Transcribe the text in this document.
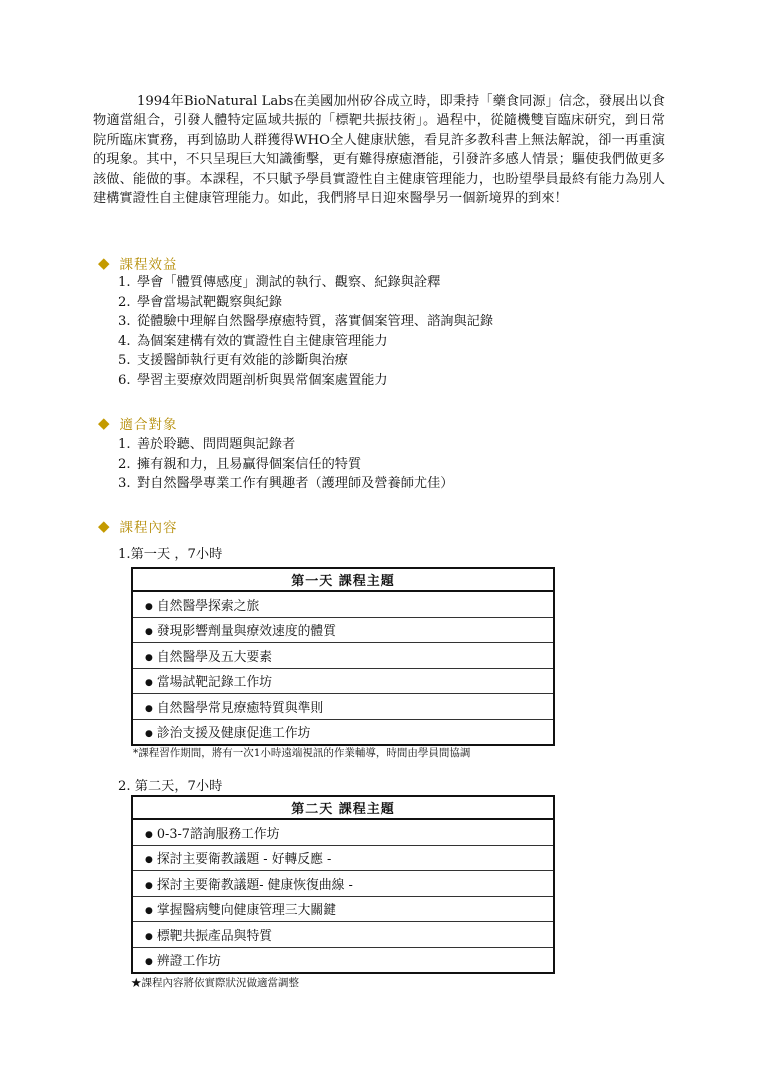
1994年BioNatural Labs在美國加州矽谷成立時，即秉持「藥食同源」信念，發展出以食物適當組合，引發人體特定區域共振的「標靶共振技術」。過程中，從隨機雙盲臨床研究，到日常院所臨床實務，再到協助人群獲得WHO全人健康狀態，看見許多教科書上無法解說，卻一再重演的現象。其中，不只呈現巨大知識衝擊，更有難得療癒潛能，引發許多感人情景；驅使我們做更多該做、能做的事。本課程，不只賦予學員實證性自主健康管理能力，也盼望學員最終有能力為別人建構實證性自主健康管理能力。如此，我們將早日迎來醫學另一個新境界的到來！

◆ 課程效益
1. 學會「體質傳感度」測試的執行、觀察、紀錄與詮釋
2. 學會當場試靶觀察與紀錄
3. 從體驗中理解自然醫學療癒特質，落實個案管理、諮詢與記錄
4. 為個案建構有效的實證性自主健康管理能力
5. 支援醫師執行更有效能的診斷與治療
6. 學習主要療效問題剖析與異常個案處置能力
◆ 適合對象
1. 善於聆聽、問問題與記錄者
2. 擁有親和力，且易贏得個案信任的特質
3. 對自然醫學專業工作有興趣者（護理師及營養師尤佳）
◆ 課程內容
1.第一天 ，7小時
第一天 課程主題
● 自然醫學探索之旅
● 發現影響劑量與療效速度的體質
● 自然醫學及五大要素
● 當場試靶記錄工作坊
● 自然醫學常見療癒特質與準則
● 診治支援及健康促進工作坊
*課程習作期間，將有一次1小時遠端視訊的作業輔導，時間由學員間協調
2. 第二天，7小時
第二天 課程主題
● 0-3-7諮詢服務工作坊
● 探討主要衛教議題 - 好轉反應 -
● 探討主要衛教議題- 健康恢復曲線 -
● 掌握醫病雙向健康管理三大關鍵
● 標靶共振產品與特質
● 辨證工作坊
★課程內容將依實際狀況做適當調整
